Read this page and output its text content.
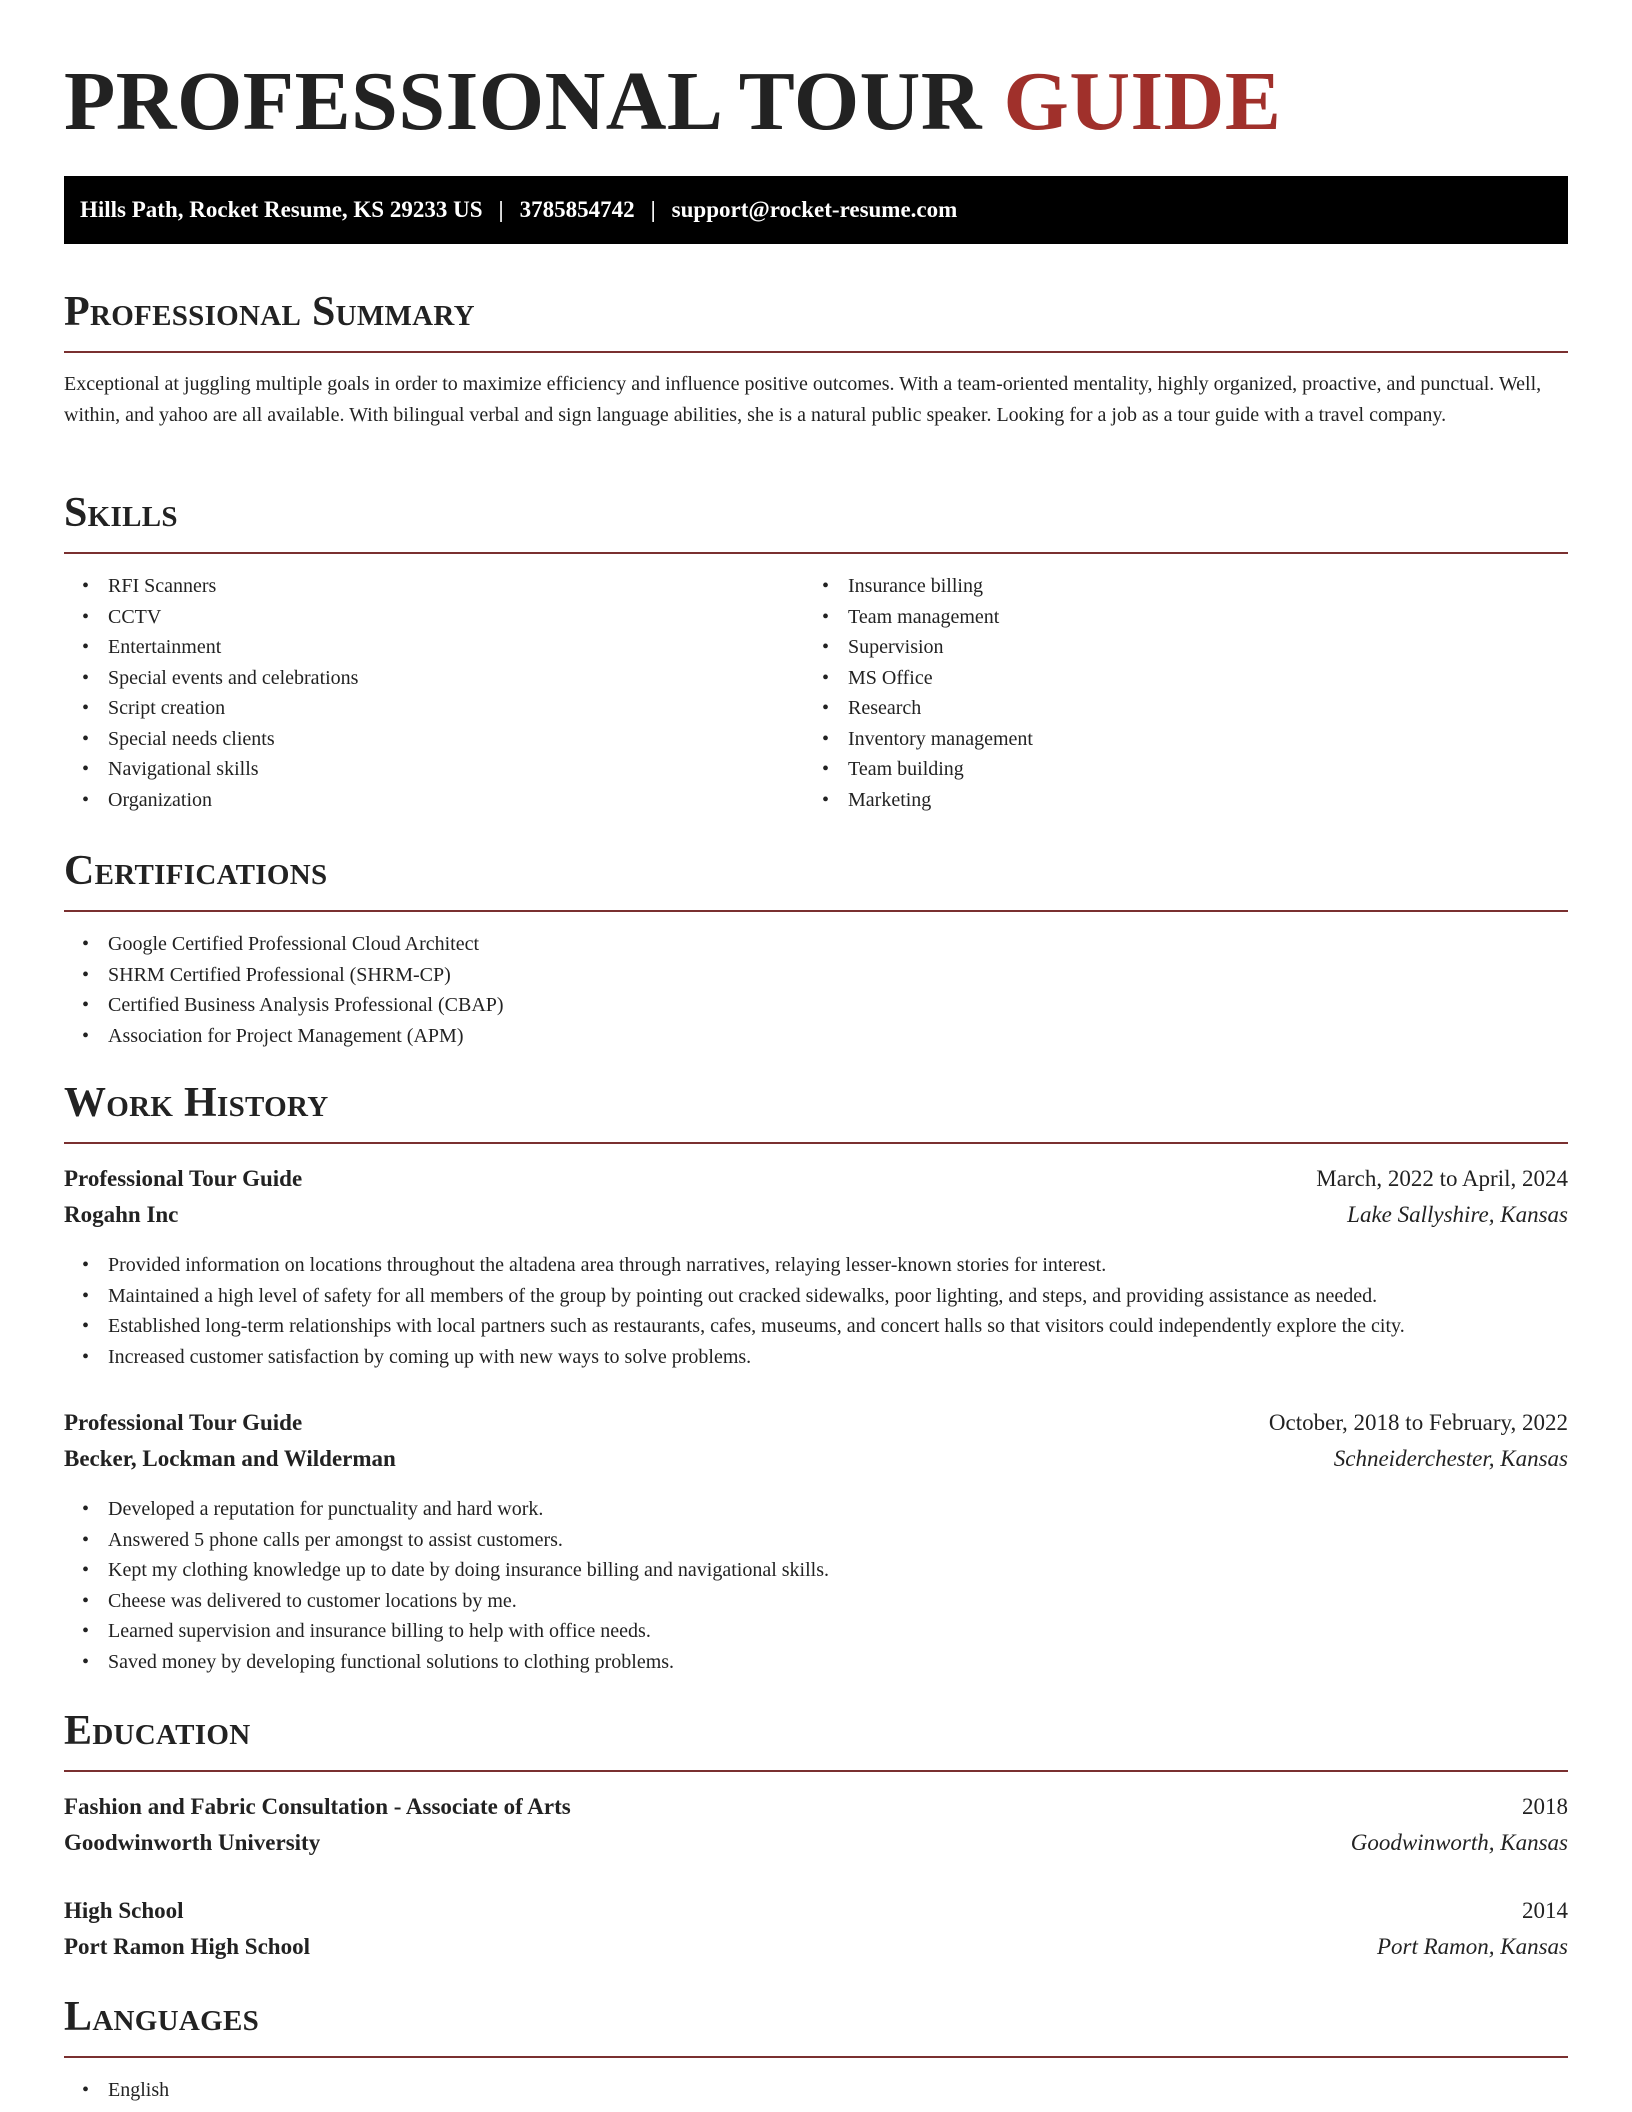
PROFESSIONAL TOUR GUIDE
Hills Path, Rocket Resume, KS 29233 US | 3785854742 | support@rocket-resume.com
Professional Summary

Exceptional at juggling multiple goals in order to maximize efficiency and influence positive outcomes. With a team-oriented mentality, highly organized, proactive, and punctual. Well, within, and yahoo are all available. With bilingual verbal and sign language abilities, she is a natural public speaker. Looking for a job as a tour guide with a travel company.

Skills
• RFI Scanners
• CCTV
• Entertainment
• Special events and celebrations
• Script creation
• Special needs clients
• Navigational skills
• Organization
• Insurance billing
• Team management
• Supervision
• MS Office
• Research
• Inventory management
• Team building
• Marketing
Certifications
• Google Certified Professional Cloud Architect
• SHRM Certified Professional (SHRM-CP)
• Certified Business Analysis Professional (CBAP)
• Association for Project Management (APM)
Work History
Professional Tour Guide	March, 2022 to April, 2024
Rogahn Inc	Lake Sallyshire, Kansas
• Provided information on locations throughout the altadena area through narratives, relaying lesser-known stories for interest.
• Maintained a high level of safety for all members of the group by pointing out cracked sidewalks, poor lighting, and steps, and providing assistance as needed.
• Established long-term relationships with local partners such as restaurants, cafes, museums, and concert halls so that visitors could independently explore the city.
• Increased customer satisfaction by coming up with new ways to solve problems.
Professional Tour Guide	October, 2018 to February, 2022
Becker, Lockman and Wilderman	Schneiderchester, Kansas
• Developed a reputation for punctuality and hard work.
• Answered 5 phone calls per amongst to assist customers.
• Kept my clothing knowledge up to date by doing insurance billing and navigational skills.
• Cheese was delivered to customer locations by me.
• Learned supervision and insurance billing to help with office needs.
• Saved money by developing functional solutions to clothing problems.
Education
Fashion and Fabric Consultation - Associate of Arts	2018
Goodwinworth University	Goodwinworth, Kansas
High School	2014
Port Ramon High School	Port Ramon, Kansas
Languages
• English
